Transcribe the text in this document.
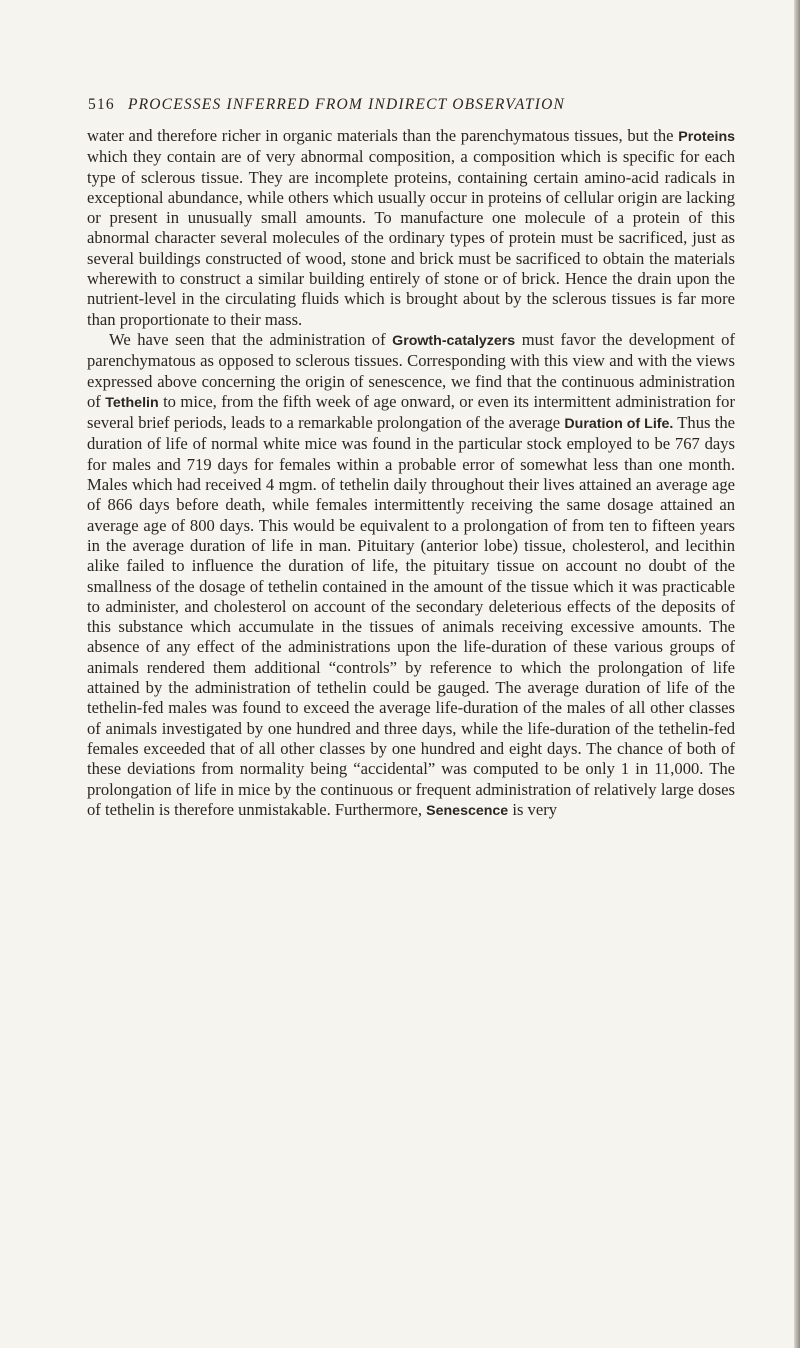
516 PROCESSES INFERRED FROM INDIRECT OBSERVATION

water and therefore richer in organic materials than the parenchymatous tissues, but the Proteins which they contain are of very abnormal composition, a composition which is specific for each type of sclerous tissue. They are incomplete proteins, containing certain amino-acid radicals in exceptional abundance, while others which usually occur in proteins of cellular origin are lacking or present in unusually small amounts. To manufacture one molecule of a protein of this abnormal character several molecules of the ordinary types of protein must be sacrificed, just as several buildings constructed of wood, stone and brick must be sacrificed to obtain the materials wherewith to construct a similar building entirely of stone or of brick. Hence the drain upon the nutrient-level in the circulating fluids which is brought about by the sclerous tissues is far more than proportionate to their mass.

We have seen that the administration of Growth-catalyzers must favor the development of parenchymatous as opposed to sclerous tissues. Corresponding with this view and with the views expressed above concerning the origin of senescence, we find that the continuous administration of Tethelin to mice, from the fifth week of age onward, or even its intermittent administration for several brief periods, leads to a remarkable prolongation of the average Duration of Life. Thus the duration of life of normal white mice was found in the particular stock employed to be 767 days for males and 719 days for females within a probable error of somewhat less than one month. Males which had received 4 mgm. of tethelin daily throughout their lives attained an average age of 866 days before death, while females intermittently receiving the same dosage attained an average age of 800 days. This would be equivalent to a prolongation of from ten to fifteen years in the average duration of life in man. Pituitary (anterior lobe) tissue, cholesterol, and lecithin alike failed to influence the duration of life, the pituitary tissue on account no doubt of the smallness of the dosage of tethelin contained in the amount of the tissue which it was practicable to administer, and cholesterol on account of the secondary deleterious effects of the deposits of this substance which accumulate in the tissues of animals receiving excessive amounts. The absence of any effect of the administrations upon the life-duration of these various groups of animals rendered them additional “controls” by reference to which the prolongation of life attained by the administration of tethelin could be gauged. The average duration of life of the tethelin-fed males was found to exceed the average life-duration of the males of all other classes of animals investigated by one hundred and three days, while the life-duration of the tethelin-fed females exceeded that of all other classes by one hundred and eight days. The chance of both of these deviations from normality being “accidental” was computed to be only 1 in 11,000. The prolongation of life in mice by the continuous or frequent administration of relatively large doses of tethelin is therefore unmistakable. Furthermore, Senescence is very
